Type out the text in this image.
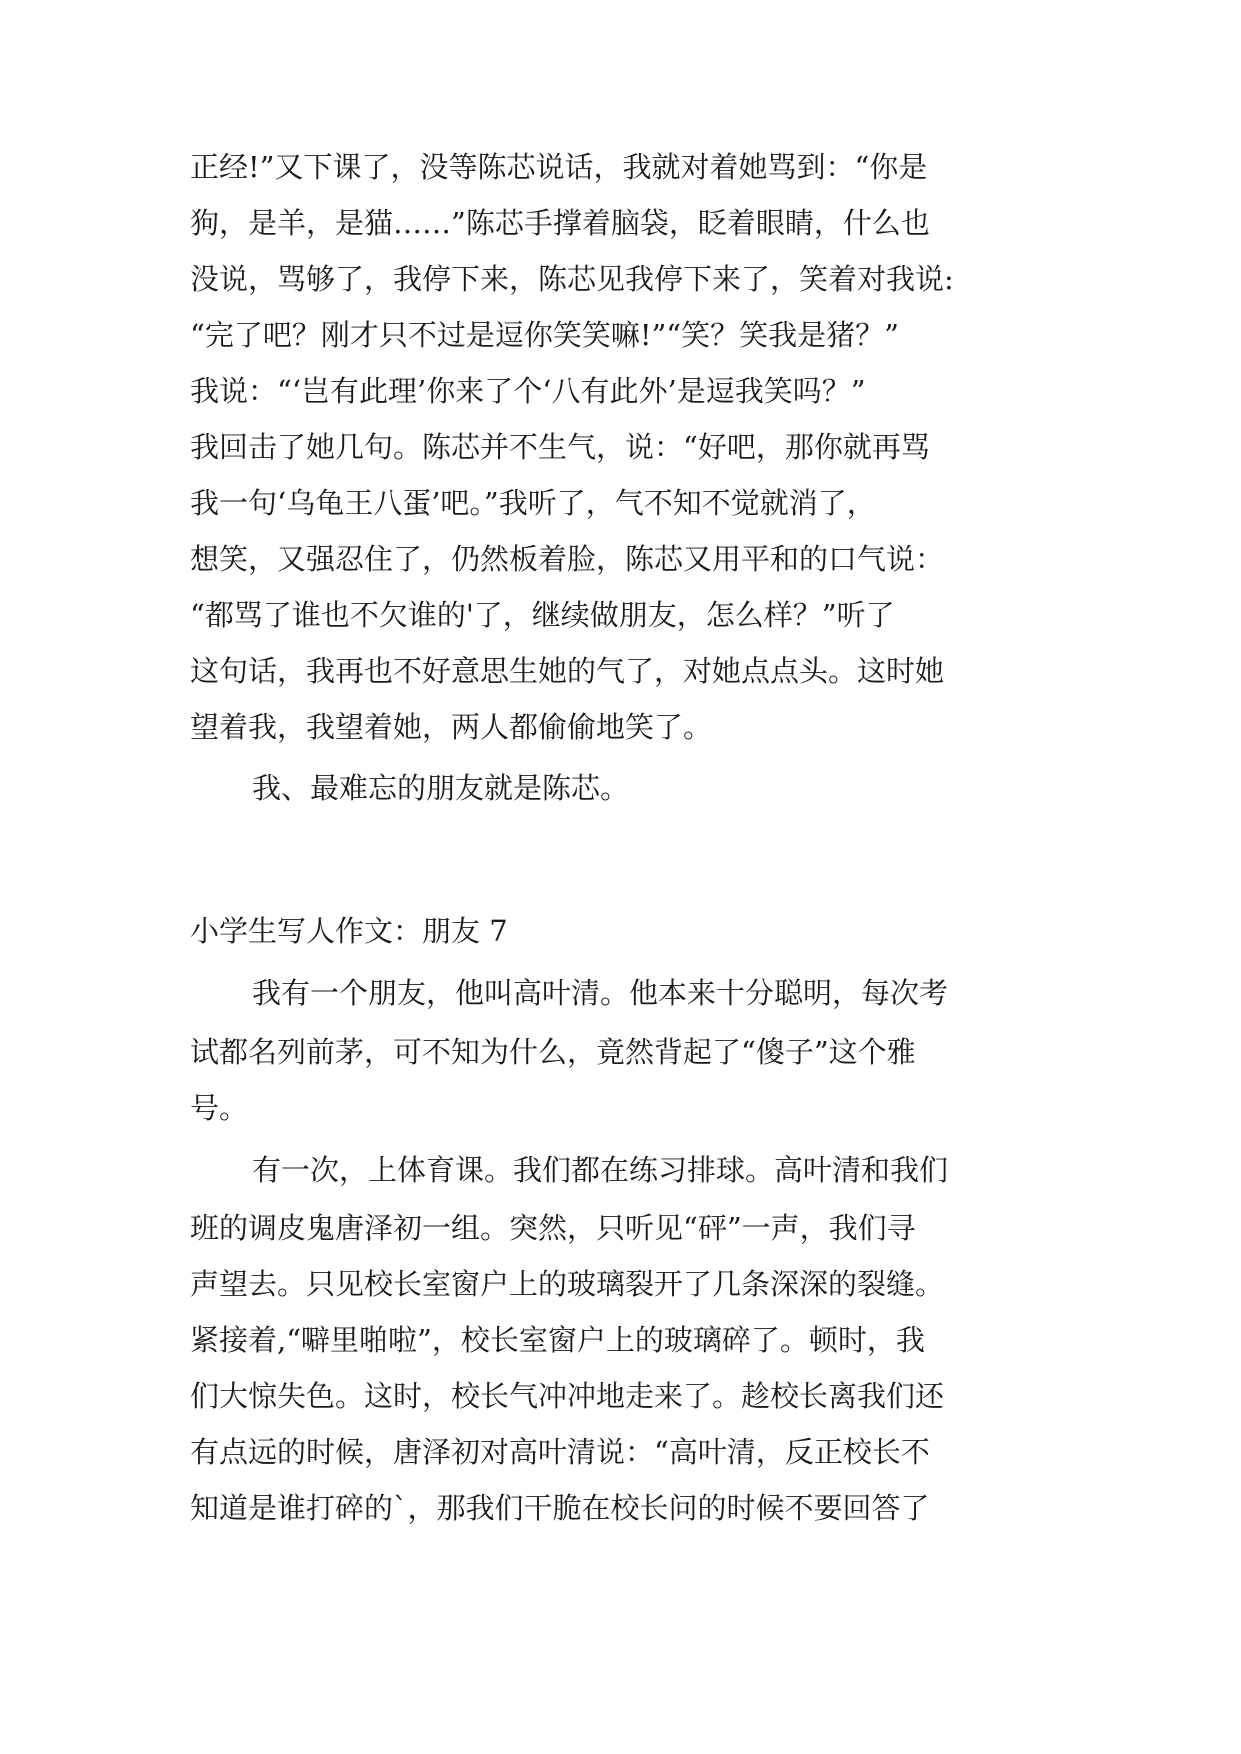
正经!”又下课了，没等陈芯说话，我就对着她骂到：“你是
狗，是羊，是猫……”陈芯手撑着脑袋，眨着眼睛，什么也
没说，骂够了，我停下来，陈芯见我停下来了，笑着对我说:
“完了吧？刚才只不过是逗你笑笑嘛!”“笑？笑我是猪？”
我说：“‘岂有此理’你来了个‘八有此外’是逗我笑吗？”
我回击了她几句。陈芯并不生气，说：“好吧，那你就再骂
我一句‘乌龟王八蛋’吧。”我听了，气不知不觉就消了，
想笑，又强忍住了，仍然板着脸，陈芯又用平和的口气说：
“都骂了谁也不欠谁的'了，继续做朋友，怎么样？”听了
这句话，我再也不好意思生她的气了，对她点点头。这时她
望着我，我望着她，两人都偷偷地笑了。
我、最难忘的朋友就是陈芯。
小学生写人作文：朋友 7
我有一个朋友，他叫高叶清。他本来十分聪明，每次考
试都名列前茅，可不知为什么，竟然背起了“傻子”这个雅
号。
有一次，上体育课。我们都在练习排球。高叶清和我们
班的调皮鬼唐泽初一组。突然，只听见“砰”一声，我们寻
声望去。只见校长室窗户上的玻璃裂开了几条深深的裂缝。
紧接着,“噼里啪啦”，校长室窗户上的玻璃碎了。顿时，我
们大惊失色。这时，校长气冲冲地走来了。趁校长离我们还
有点远的时候，唐泽初对高叶清说：“高叶清，反正校长不
知道是谁打碎的`，那我们干脆在校长问的时候不要回答了
